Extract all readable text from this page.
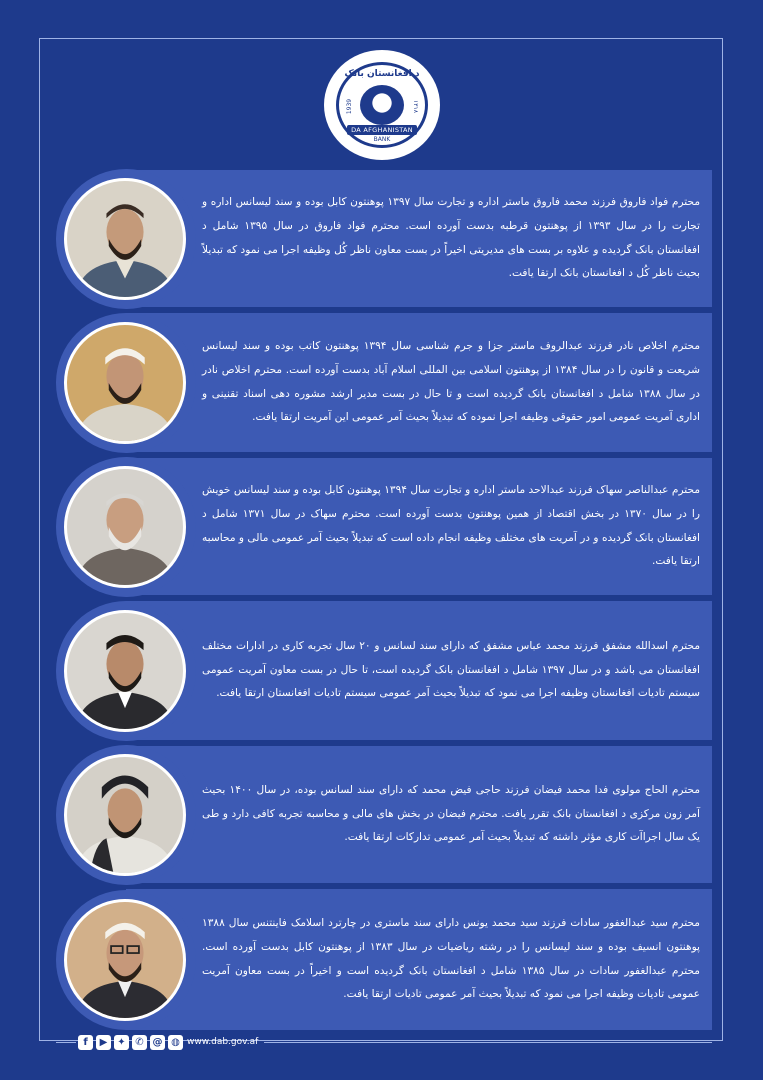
د افغانستان بانک
1939	۱۳۱۸
DA AFGHANISTAN
BANK
محترم فواد فاروق فرزند محمد فاروق ماستر اداره و تجارت سال ۱۳۹۷ پوهنتون کابل بوده و سند لیسانس اداره و تجارت را در سال ۱۳۹۳ از پوهنتون قرطبه بدست آورده است. محترم فواد فاروق در سال ۱۳۹۵ شامل د افغانستان بانک گردیده و علاوه بر بست های مدیریتی اخیراً در بست معاون ناظر کُل وظیفه اجرا می نمود که تبدیلاً بحیث ناظر کُل د افغانستان بانک ارتقا یافت.
محترم اخلاص نادر فرزند عبدالروف ماستر جزا و جرم شناسی سال ۱۳۹۴ پوهنتون کاتب بوده و سند لیسانس شریعت و قانون را در سال ۱۳۸۴ از پوهنتون اسلامی بین المللی اسلام آباد بدست آورده است. محترم اخلاص نادر در سال ۱۳۸۸ شامل د افغانستان بانک گردیده است و تا حال در بست مدیر ارشد مشوره دهی اسناد تقنینی و اداری آمریت عمومی امور حقوقی وظیفه اجرا نموده که تبدیلاً بحیث آمر عمومی این آمریت ارتقا یافت.
محترم عبدالناصر سهاک فرزند عبدالاحد ماستر اداره و تجارت سال ۱۳۹۴ پوهنتون کابل بوده و سند لیسانس خویش را در سال ۱۳۷۰ در بخش اقتصاد از همین پوهنتون بدست آورده است. محترم سهاک در سال ۱۳۷۱ شامل د افغانستان بانک گردیده و در آمریت های مختلف وظیفه انجام داده است که تبدیلاً بحیث آمر عمومی مالی و محاسبه ارتقا یافت.
محترم اسدالله مشفق فرزند محمد عباس مشفق که دارای سند لسانس و ۲۰ سال تجربه کاری در ادارات مختلف افغانستان می باشد و در سال ۱۳۹۷ شامل د افغانستان بانک گردیده است، تا حال در بست معاون آمریت عمومی سیستم تادیات افغانستان وظیفه اجرا می نمود که تبدیلاً بحیث آمر عمومی سیستم تادیات افغانستان ارتقا یافت.
محترم الحاج مولوی فدا محمد فیضان فرزند حاجی فیض محمد که دارای سند لسانس بوده، در سال ۱۴۰۰ بحیث آمر زون مرکزی د افغانستان بانک تقرر یافت. محترم فیضان در بخش های مالی و محاسبه تجربه کافی دارد و طی یک سال اجراآت کاری مؤثر داشته که تبدیلاً بحیث آمر عمومی تدارکات ارتقا یافت.
محترم سید عبدالغفور سادات فرزند سید محمد یونس دارای سند ماستری در چارترد اسلامک فاینتنس سال ۱۳۸۸ پوهنتون انسیف بوده و سند لیسانس را در رشته ریاضیات در سال ۱۳۸۳ از پوهنتون کابل بدست آورده است. محترم عبدالغفور سادات در سال ۱۳۸۵ شامل د افغانستان بانک گردیده است و اخیراً در بست معاون آمریت عمومی تادیات وظیفه اجرا می نمود که تبدیلاً بحیث آمر عمومی تادیات ارتقا یافت.
f	▶ ✦ ✆ @ ◍ www.dab.gov.af
